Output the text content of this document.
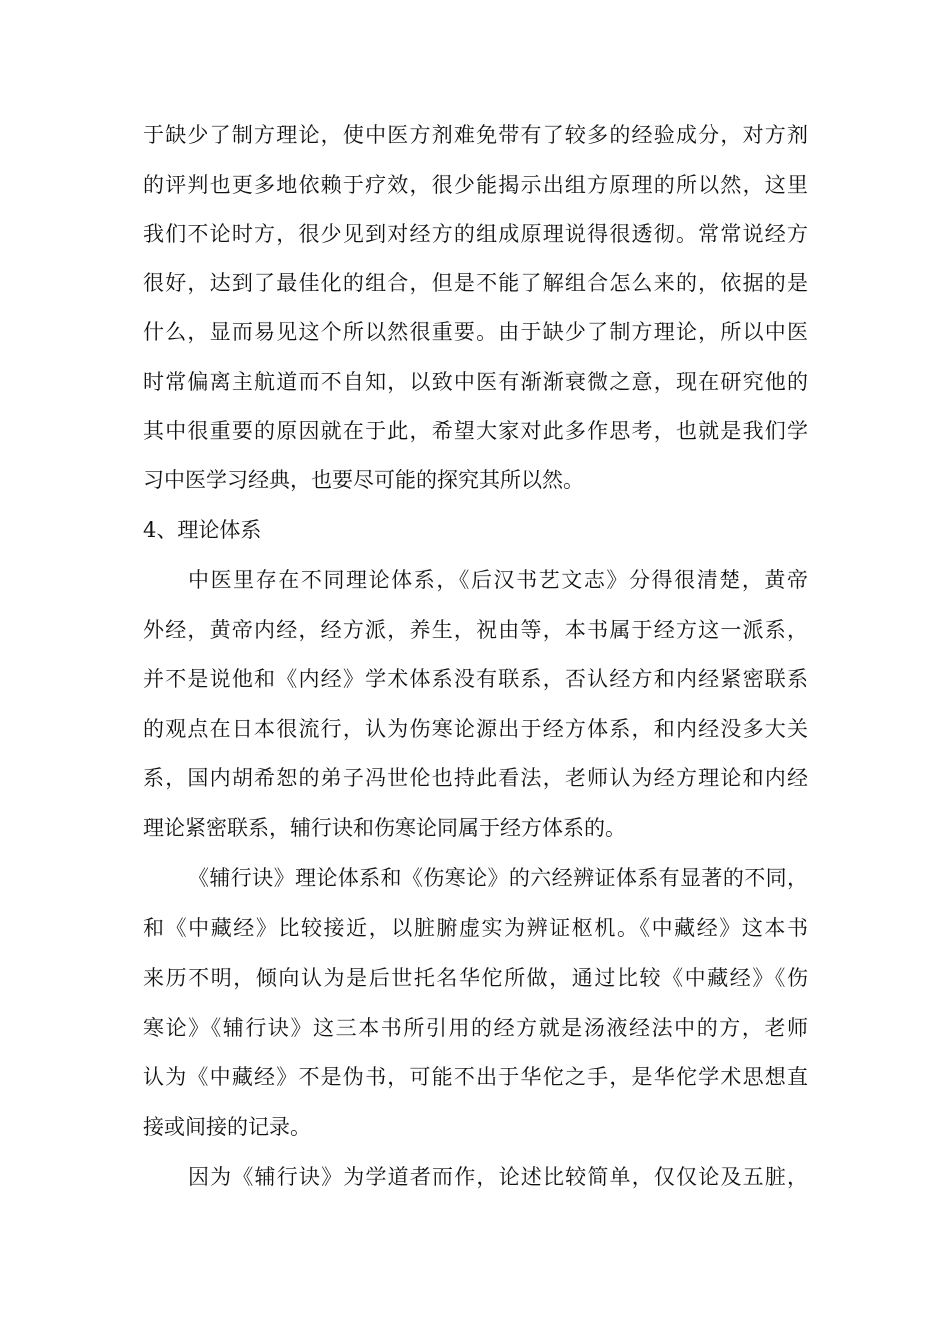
于缺少了制方理论，使中医方剂难免带有了较多的经验成分，对方剂
的评判也更多地依赖于疗效，很少能揭示出组方原理的所以然，这里
我们不论时方，很少见到对经方的组成原理说得很透彻。常常说经方
很好，达到了最佳化的组合，但是不能了解组合怎么来的，依据的是
什么，显而易见这个所以然很重要。由于缺少了制方理论，所以中医
时常偏离主航道而不自知，以致中医有渐渐衰微之意，现在研究他的
其中很重要的原因就在于此，希望大家对此多作思考，也就是我们学
习中医学习经典，也要尽可能的探究其所以然。
4、理论体系
中医里存在不同理论体系，《后汉书艺文志》分得很清楚，黄帝
外经，黄帝内经，经方派，养生，祝由等，本书属于经方这一派系，
并不是说他和《内经》学术体系没有联系，否认经方和内经紧密联系
的观点在日本很流行，认为伤寒论源出于经方体系，和内经没多大关
系，国内胡希恕的弟子冯世伦也持此看法，老师认为经方理论和内经
理论紧密联系，辅行诀和伤寒论同属于经方体系的。
《辅行诀》理论体系和《伤寒论》的六经辨证体系有显著的不同，
和《中藏经》比较接近，以脏腑虚实为辨证枢机。《中藏经》这本书
来历不明，倾向认为是后世托名华佗所做，通过比较《中藏经》《伤
寒论》《辅行诀》这三本书所引用的经方就是汤液经法中的方，老师
认为《中藏经》不是伪书，可能不出于华佗之手，是华佗学术思想直
接或间接的记录。
因为《辅行诀》为学道者而作，论述比较简单，仅仅论及五脏，
